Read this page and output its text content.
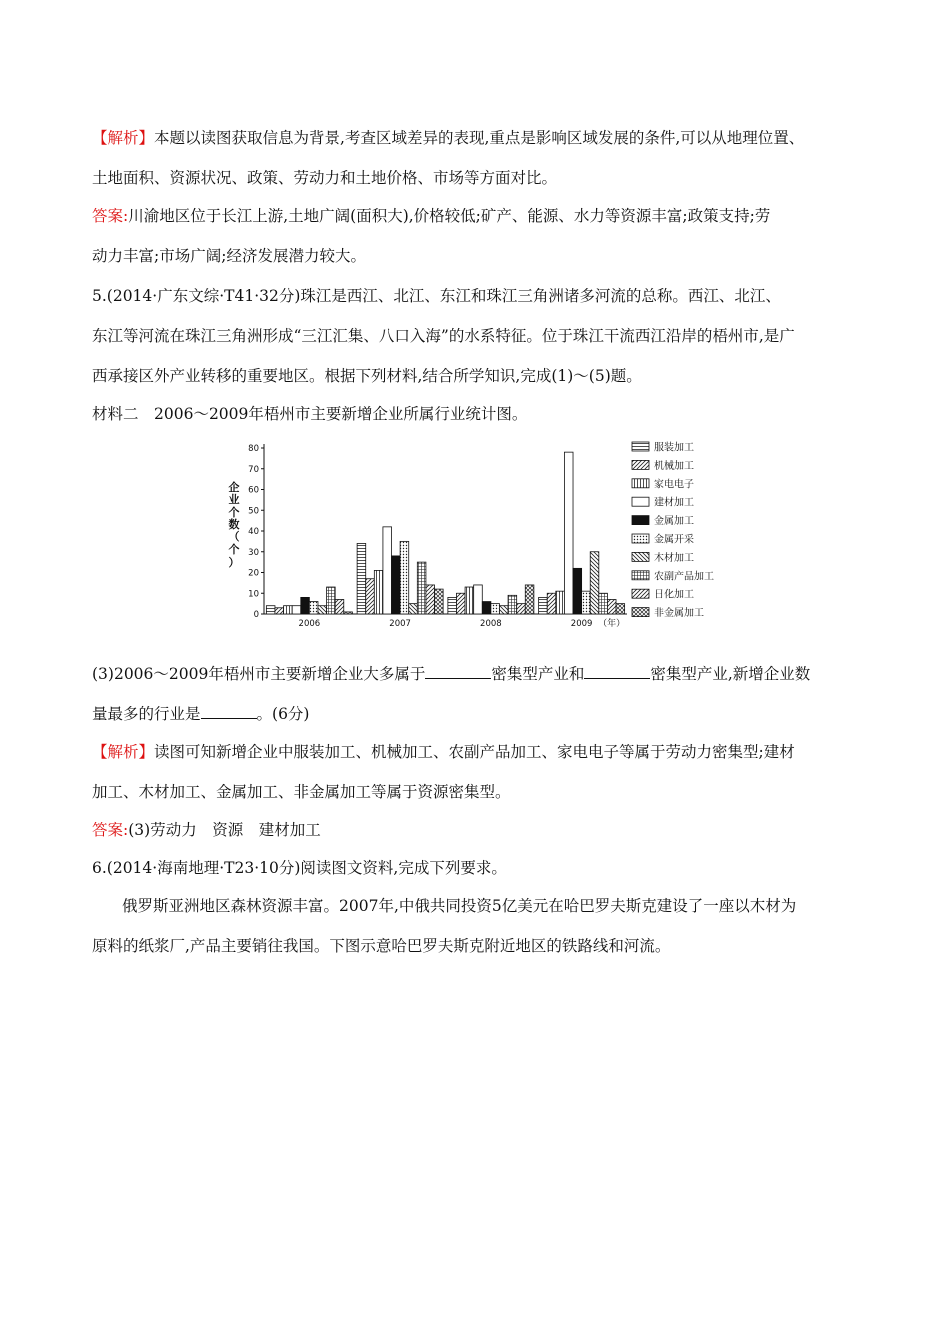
【解析】本题以读图获取信息为背景,考查区域差异的表现,重点是影响区域发展的条件,可以从地理位置、
土地面积、资源状况、政策、劳动力和土地价格、市场等方面对比。
答案:川渝地区位于长江上游,土地广阔(面积大),价格较低;矿产、能源、水力等资源丰富;政策支持;劳
动力丰富;市场广阔;经济发展潜力较大。
5.(2014·广东文综·T41·32分)珠江是西江、北江、东江和珠江三角洲诸多河流的总称。西江、北江、
东江等河流在珠江三角洲形成“三江汇集、八口入海”的水系特征。位于珠江干流西江沿岸的梧州市,是广
西承接区外产业转移的重要地区。根据下列材料,结合所学知识,完成(1)～(5)题。
材料二　2006～2009年梧州市主要新增企业所属行业统计图。
企
业
个
数
（
个
）
0
10
20
30
40
50
60
70
80
2006	2007	2008	2009 （年）
服装加工
机械加工
家电电子
建材加工
金属加工
金属开采
木材加工
农副产品加工
日化加工
非金属加工
(3)2006～2009年梧州市主要新增企业大多属于	密集型产业和	密集型产业,新增企业数
量最多的行业是	。(6分)
【解析】读图可知新增企业中服装加工、机械加工、农副产品加工、家电电子等属于劳动力密集型;建材
加工、木材加工、金属加工、非金属加工等属于资源密集型。
答案:(3)劳动力　资源　建材加工
6.(2014·海南地理·T23·10分)阅读图文资料,完成下列要求。
俄罗斯亚洲地区森林资源丰富。2007年,中俄共同投资5亿美元在哈巴罗夫斯克建设了一座以木材为
原料的纸浆厂,产品主要销往我国。下图示意哈巴罗夫斯克附近地区的铁路线和河流。
